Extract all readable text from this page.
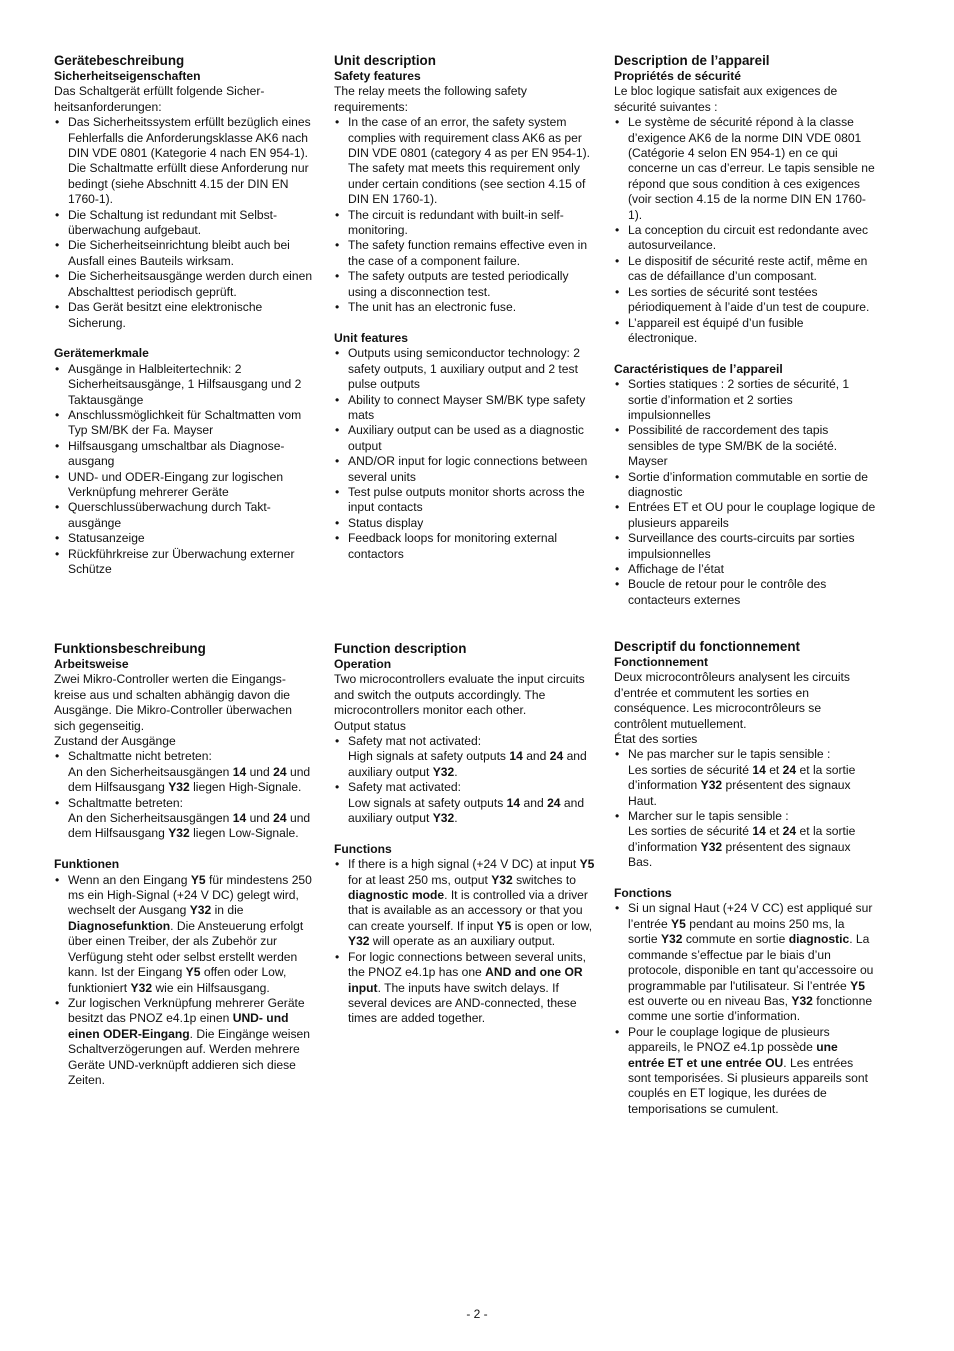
Gerätebeschreibung
Sicherheitseigenschaften

Das Schaltgerät erfüllt folgende Sicher-heitsanforderungen:

• Das Sicherheitssystem erfüllt bezüglich eines Fehlerfalls die Anforderungsklasse AK6 nach DIN VDE 0801 (Kategorie 4 nach EN 954-1). Die Schaltmatte erfüllt diese Anforderung nur bedingt (siehe Abschnitt 4.15 der DIN EN 1760-1).
• Die Schaltung ist redundant mit Selbst-überwachung aufgebaut.
• Die Sicherheitseinrichtung bleibt auch bei Ausfall eines Bauteils wirksam.
• Die Sicherheitsausgänge werden durch einen Abschalttest periodisch geprüft.
• Das Gerät besitzt eine elektronische Sicherung.
Gerätemerkmale
• Ausgänge in Halbleitertechnik: 2 Sicherheitsausgänge, 1 Hilfsausgang und 2 Taktausgänge
• Anschlussmöglichkeit für Schaltmatten vom Typ SM/BK der Fa. Mayser
• Hilfsausgang umschaltbar als Diagnose-ausgang
• UND- und ODER-Eingang zur logischen Verknüpfung mehrerer Geräte
• Querschlussüberwachung durch Takt-ausgänge
• Statusanzeige
• Rückführkreise zur Überwachung externer Schütze
Unit description
Safety features

The relay meets the following safety requirements:

• In the case of an error, the safety system complies with requirement class AK6 as per DIN VDE 0801 (category 4 as per EN 954-1). The safety mat meets this requirement only under certain conditions (see section 4.15 of DIN EN 1760-1).
• The circuit is redundant with built-in self-monitoring.
• The safety function remains effective even in the case of a component failure.
• The safety outputs are tested periodically using a disconnection test.
• The unit has an electronic fuse.
Unit features
• Outputs using semiconductor technology: 2 safety outputs, 1 auxiliary output and 2 test pulse outputs
• Ability to connect Mayser SM/BK type safety mats
• Auxiliary output can be used as a diagnostic output
• AND/OR input for logic connections between several units
• Test pulse outputs monitor shorts across the input contacts
• Status display
• Feedback loops for monitoring external contactors
Description de l’appareil
Propriétés de sécurité

Le bloc logique satisfait aux exigences de sécurité suivantes :

• Le système de sécurité répond à la classe d’exigence AK6 de la norme DIN VDE 0801 (Catégorie 4 selon EN 954-1) en ce qui concerne un cas d’erreur. Le tapis sensible ne répond que sous condition à ces exigences (voir section 4.15 de la norme DIN EN 1760-1).
• La conception du circuit est redondante avec autosurveilance.
• Le dispositif de sécurité reste actif, même en cas de défaillance d’un composant.
• Les sorties de sécurité sont testées périodiquement à l’aide d’un test de coupure.
• L’appareil est équipé d’un fusible électronique.
Caractéristiques de l’appareil
• Sorties statiques : 2 sorties de sécurité, 1 sortie d’information et 2 sorties impulsionnelles
• Possibilité de raccordement des tapis sensibles de type SM/BK de la société. Mayser
• Sortie d’information commutable en sortie de diagnostic
• Entrées ET et OU pour le couplage logique de plusieurs appareils
• Surveillance des courts-circuits par sorties impulsionnelles
• Affichage de l’état
• Boucle de retour pour le contrôle des contacteurs externes
Funktionsbeschreibung
Arbeitsweise

Zwei Mikro-Controller werten die Eingangs-kreise aus und schalten abhängig davon die Ausgänge. Die Mikro-Controller überwachen sich gegenseitig.

Zustand der Ausgänge

• Schaltmatte nicht betreten:
An den Sicherheitsausgängen 14 und 24 und dem Hilfsausgang Y32 liegen High-Signale.
• Schaltmatte betreten:
An den Sicherheitsausgängen 14 und 24 und dem Hilfsausgang Y32 liegen Low-Signale.
Funktionen
• Wenn an den Eingang Y5 für mindestens 250 ms ein High-Signal (+24 V DC) gelegt wird, wechselt der Ausgang Y32 in die Diagnosefunktion. Die Ansteuerung erfolgt über einen Treiber, der als Zubehör zur Verfügung steht oder selbst erstellt werden kann. Ist der Eingang Y5 offen oder Low, funktioniert Y32 wie ein Hilfsausgang.
• Zur logischen Verknüpfung mehrerer Geräte besitzt das PNOZ e4.1p einen UND- und einen ODER-Eingang. Die Eingänge weisen Schaltverzögerungen auf. Werden mehrere Geräte UND-verknüpft addieren sich diese Zeiten.
Function description
Operation

Two microcontrollers evaluate the input circuits and switch the outputs accordingly. The microcontrollers monitor each other.

Output status

• Safety mat not activated:
High signals at safety outputs 14 and 24 and auxiliary output Y32.
• Safety mat activated:
Low signals at safety outputs 14 and 24 and auxiliary output Y32.
Functions
• If there is a high signal (+24 V DC) at input Y5 for at least 250 ms, output Y32 switches to diagnostic mode. It is controlled via a driver that is available as an accessory or that you can create yourself. If input Y5 is open or low, Y32 will operate as an auxiliary output.
• For logic connections between several units, the PNOZ e4.1p has one AND and one OR input. The inputs have switch delays. If several devices are AND-connected, these times are added together.
Descriptif du fonctionnement
Fonctionnement

Deux microcontrôleurs analysent les circuits d’entrée et commutent les sorties en conséquence. Les microcontrôleurs se contrôlent mutuellement.

État des sorties

• Ne pas marcher sur le tapis sensible :
Les sorties de sécurité 14 et 24 et la sortie d’information Y32 présentent des signaux Haut.
• Marcher sur le tapis sensible :
Les sorties de sécurité 14 et 24 et la sortie d’information Y32 présentent des signaux Bas.
Fonctions
• Si un signal Haut (+24 V CC) est appliqué sur l’entrée Y5 pendant au moins 250 ms, la sortie Y32 commute en sortie diagnostic. La commande s’effectue par le biais d’un protocole, disponible en tant qu’accessoire ou programmable par l'utilisateur. Si l’entrée Y5 est ouverte ou en niveau Bas, Y32 fonctionne comme une sortie d’information.
• Pour le couplage logique de plusieurs appareils, le PNOZ e4.1p possède une entrée ET et une entrée OU. Les entrées sont temporisées. Si plusieurs appareils sont couplés en ET logique, les durées de temporisations se cumulent.
- 2 -
